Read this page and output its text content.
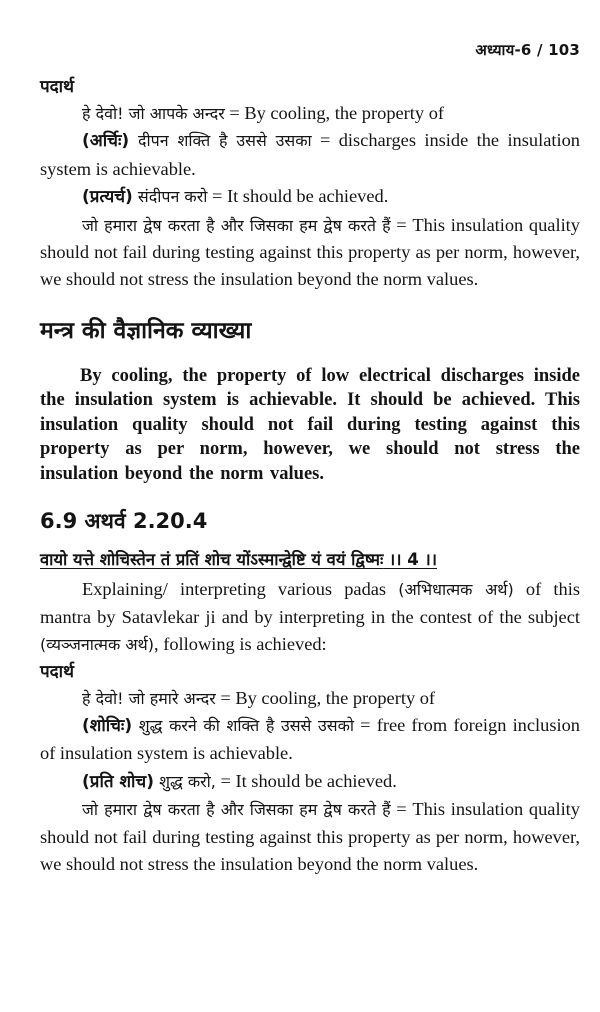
अध्याय-6 / 103
पदार्थ

हे देवो! जो आपके अन्दर = By cooling, the property of

(अर्चिः) दीपन शक्ति है उससे उसका = discharges inside the insulation system is achievable.

(प्रत्यर्च) संदीपन करो = It should be achieved.

जो हमारा द्वेष करता है और जिसका हम द्वेष करते हैं = This insulation quality should not fail during testing against this property as per norm, however, we should not stress the insulation beyond the norm values.

मन्त्र की वैज्ञानिक व्याख्या

By cooling, the property of low electrical discharges inside the insulation system is achievable. It should be achieved. This insulation quality should not fail during testing against this property as per norm, however, we should not stress the insulation beyond the norm values.

6.9 अथर्व 2.20.4
वायो यत्ते शोचिस्तेन तं प्रतिं शोच योंऽस्मान्द्वेष्टि यं वयं द्विष्मः ।। 4 ।।

Explaining/ interpreting various padas (अभिधात्मक अर्थ) of this mantra by Satavlekar ji and by interpreting in the contest of the subject (व्यञ्जनात्मक अर्थ), following is achieved:

पदार्थ

हे देवो! जो हमारे अन्दर = By cooling, the property of

(शोचिः) शुद्ध करने की शक्ति है उससे उसको = free from foreign inclusion of insulation system is achievable.

(प्रति शोच) शुद्ध करो, = It should be achieved.

जो हमारा द्वेष करता है और जिसका हम द्वेष करते हैं = This insulation quality should not fail during testing against this property as per norm, however, we should not stress the insulation beyond the norm values.
